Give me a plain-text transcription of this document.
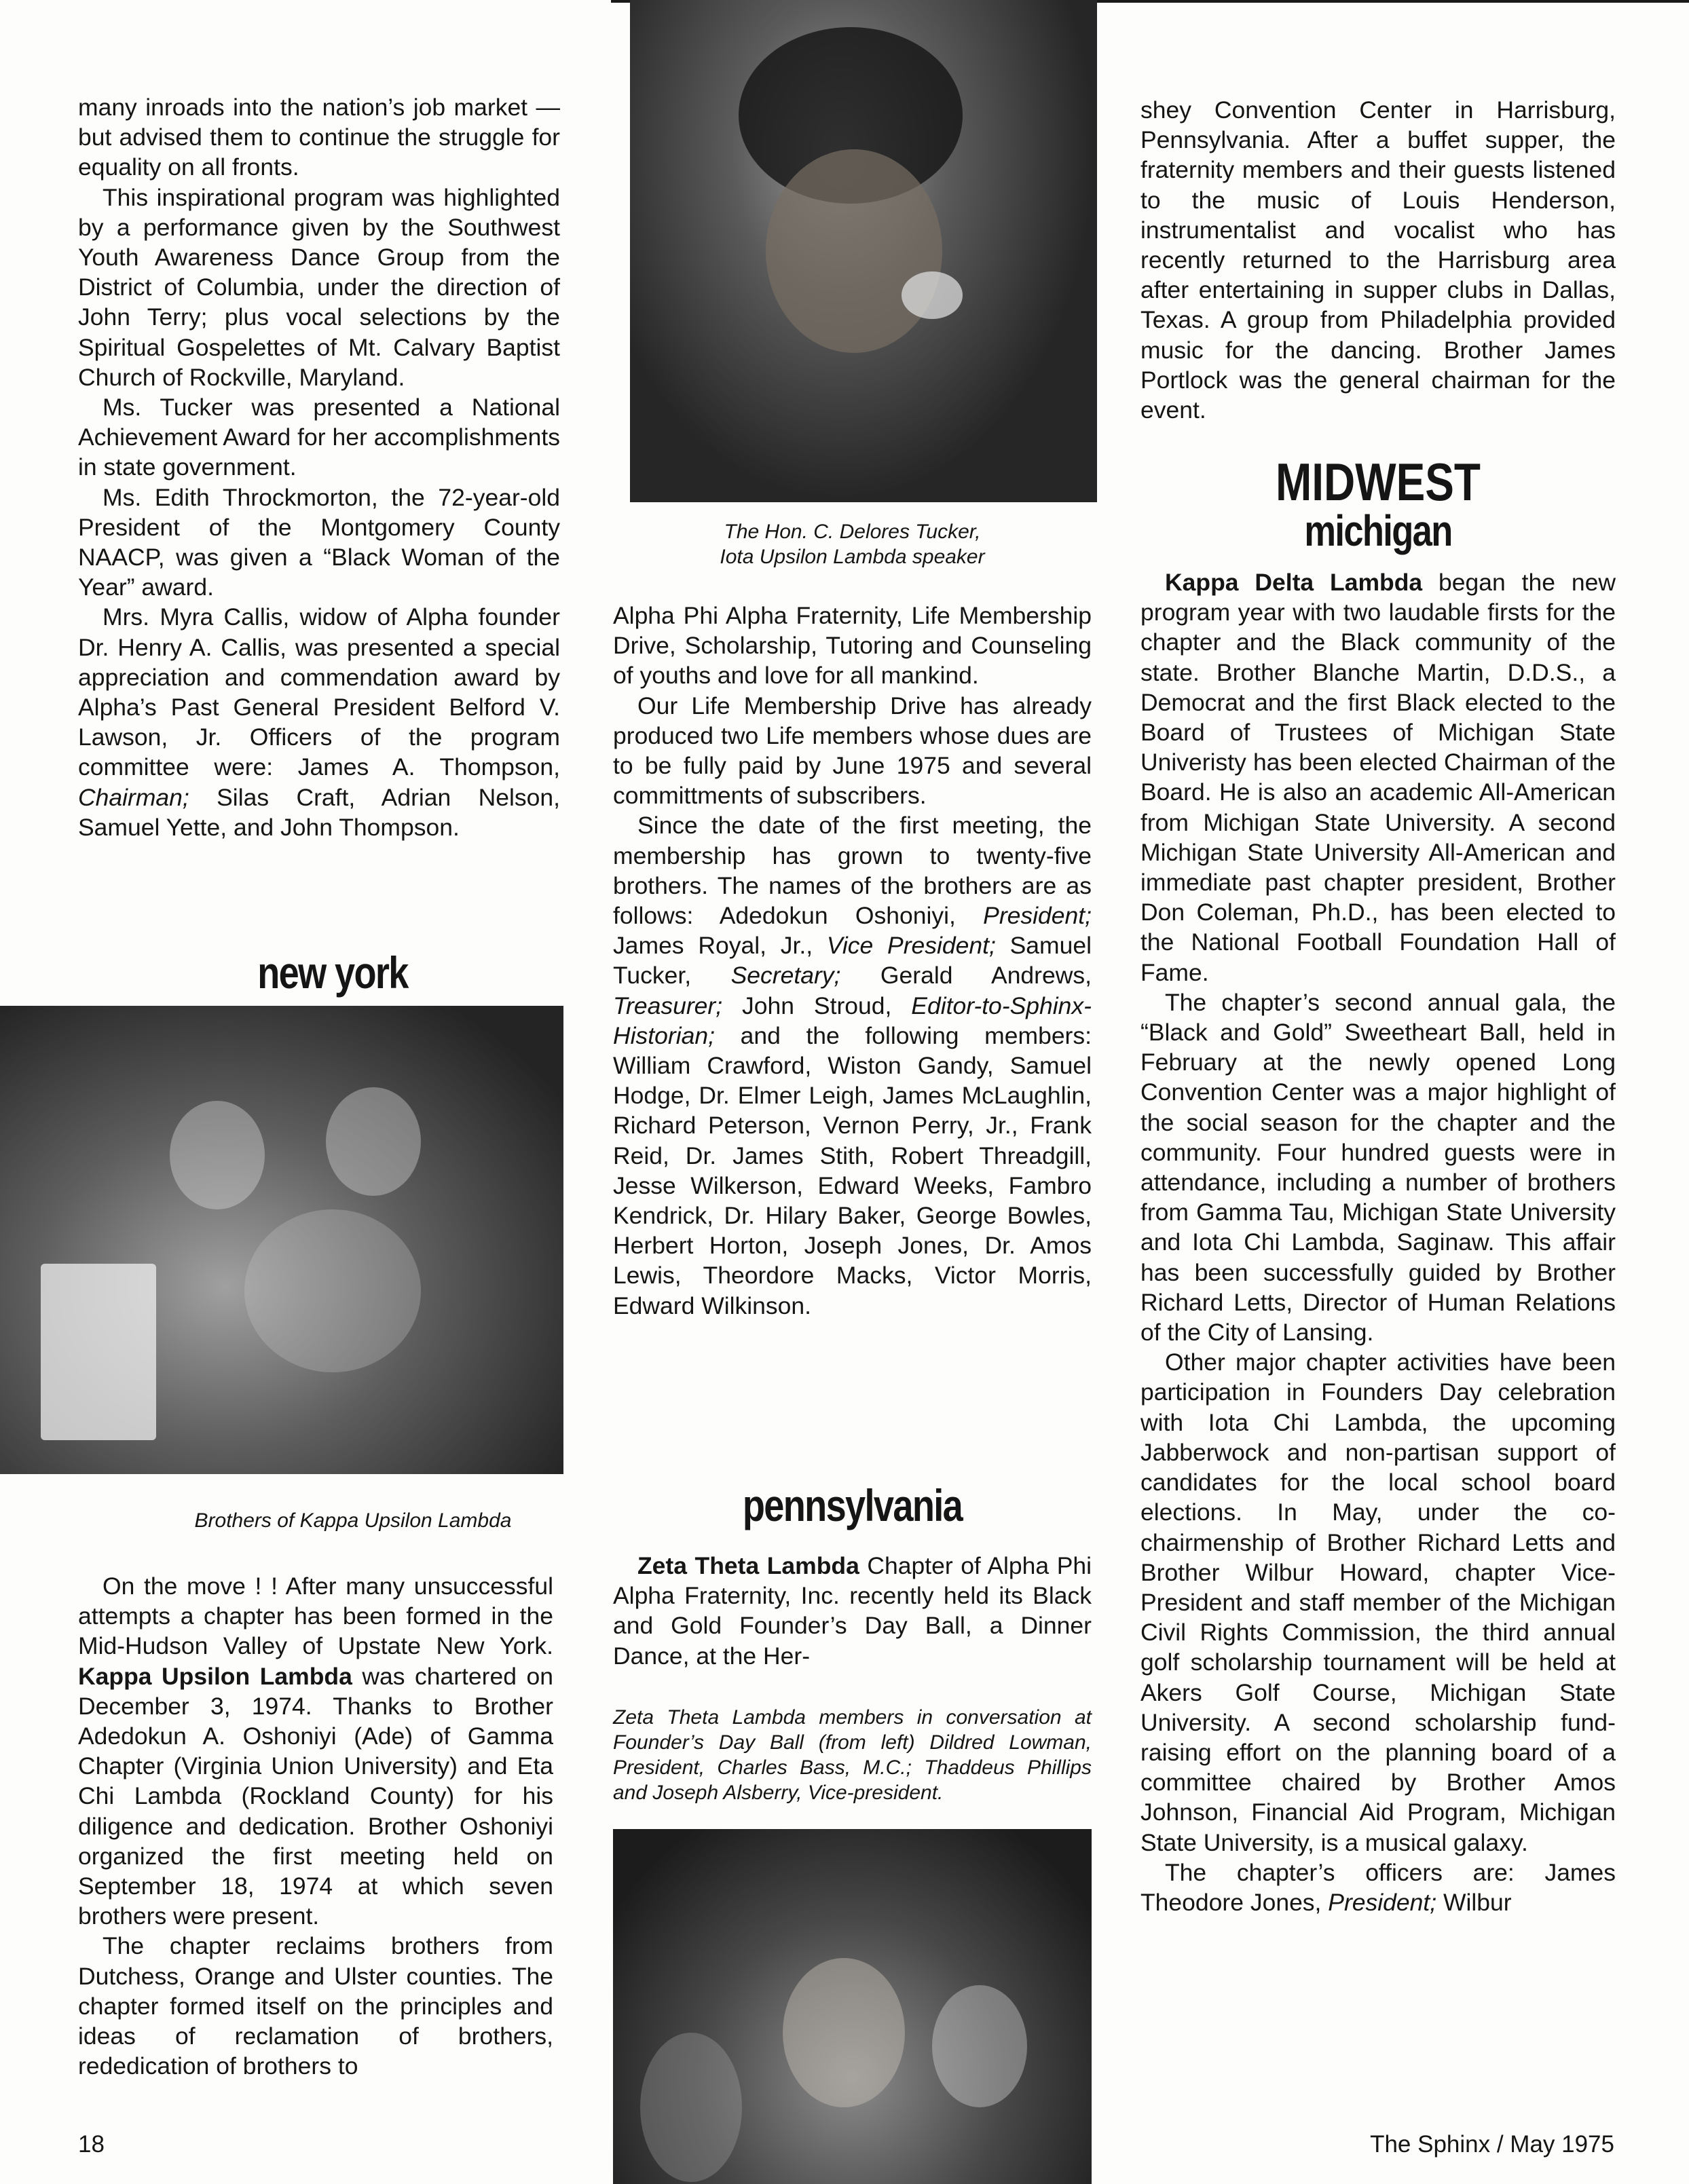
many inroads into the nation’s job market — but advised them to continue the struggle for equality on all fronts.

This inspirational program was highlighted by a performance given by the Southwest Youth Awareness Dance Group from the District of Columbia, under the direction of John Terry; plus vocal selections by the Spiritual Gospelettes of Mt. Calvary Baptist Church of Rockville, Maryland.

Ms. Tucker was presented a National Achievement Award for her accomplishments in state government.

Ms. Edith Throckmorton, the 72-year-old President of the Montgomery County NAACP, was given a “Black Woman of the Year” award.

Mrs. Myra Callis, widow of Alpha founder Dr. Henry A. Callis, was presented a special appreciation and commendation award by Alpha’s Past General President Belford V. Lawson, Jr. Officers of the program committee were: James A. Thompson, Chairman; Silas Craft, Adrian Nelson, Samuel Yette, and John Thompson.

new york
Brothers of Kappa Upsilon Lambda

On the move ! ! After many unsuccessful attempts a chapter has been formed in the Mid-Hudson Valley of Upstate New York. Kappa Upsilon Lambda was chartered on December 3, 1974. Thanks to Brother Adedokun A. Oshoniyi (Ade) of Gamma Chapter (Virginia Union University) and Eta Chi Lambda (Rockland County) for his diligence and dedication. Brother Oshoniyi organized the first meeting held on September 18, 1974 at which seven brothers were present.

The chapter reclaims brothers from Dutchess, Orange and Ulster counties. The chapter formed itself on the principles and ideas of reclamation of brothers, rededication of brothers to

The Hon. C. Delores Tucker,
Iota Upsilon Lambda speaker

Alpha Phi Alpha Fraternity, Life Membership Drive, Scholarship, Tutoring and Counseling of youths and love for all mankind.

Our Life Membership Drive has already produced two Life members whose dues are to be fully paid by June 1975 and several committments of subscribers.

Since the date of the first meeting, the membership has grown to twenty-five brothers. The names of the brothers are as follows: Adedokun Oshoniyi, President; James Royal, Jr., Vice President; Samuel Tucker, Secretary; Gerald Andrews, Treasurer; John Stroud, Editor-to-Sphinx-Historian; and the following members: William Crawford, Wiston Gandy, Samuel Hodge, Dr. Elmer Leigh, James McLaughlin, Richard Peterson, Vernon Perry, Jr., Frank Reid, Dr. James Stith, Robert Threadgill, Jesse Wilkerson, Edward Weeks, Fambro Kendrick, Dr. Hilary Baker, George Bowles, Herbert Horton, Joseph Jones, Dr. Amos Lewis, Theordore Macks, Victor Morris, Edward Wilkinson.

pennsylvania

Zeta Theta Lambda Chapter of Alpha Phi Alpha Fraternity, Inc. recently held its Black and Gold Founder’s Day Ball, a Dinner Dance, at the Her-

Zeta Theta Lambda members in conversation at Founder’s Day Ball (from left) Dildred Lowman, President, Charles Bass, M.C.; Thaddeus Phillips and Joseph Alsberry, Vice-president.

shey Convention Center in Harrisburg, Pennsylvania. After a buffet supper, the fraternity members and their guests listened to the music of Louis Henderson, instrumentalist and vocalist who has recently returned to the Harrisburg area after entertaining in supper clubs in Dallas, Texas. A group from Philadelphia provided music for the dancing. Brother James Portlock was the general chairman for the event.

MIDWEST
michigan

Kappa Delta Lambda began the new program year with two laudable firsts for the chapter and the Black community of the state. Brother Blanche Martin, D.D.S., a Democrat and the first Black elected to the Board of Trustees of Michigan State Univeristy has been elected Chairman of the Board. He is also an academic All-American from Michigan State University. A second Michigan State University All-American and immediate past chapter president, Brother Don Coleman, Ph.D., has been elected to the National Football Foundation Hall of Fame.

The chapter’s second annual gala, the “Black and Gold” Sweetheart Ball, held in February at the newly opened Long Convention Center was a major highlight of the social season for the chapter and the community. Four hundred guests were in attendance, including a number of brothers from Gamma Tau, Michigan State University and Iota Chi Lambda, Saginaw. This affair has been successfully guided by Brother Richard Letts, Director of Human Relations of the City of Lansing.

Other major chapter activities have been participation in Founders Day celebration with Iota Chi Lambda, the upcoming Jabberwock and non-partisan support of candidates for the local school board elections. In May, under the co-chairmenship of Brother Richard Letts and Brother Wilbur Howard, chapter Vice-President and staff member of the Michigan Civil Rights Commission, the third annual golf scholarship tournament will be held at Akers Golf Course, Michigan State University. A second scholarship fund-raising effort on the planning board of a committee chaired by Brother Amos Johnson, Financial Aid Program, Michigan State University, is a musical galaxy.

The chapter’s officers are: James Theodore Jones, President; Wilbur

18	The Sphinx / May 1975
